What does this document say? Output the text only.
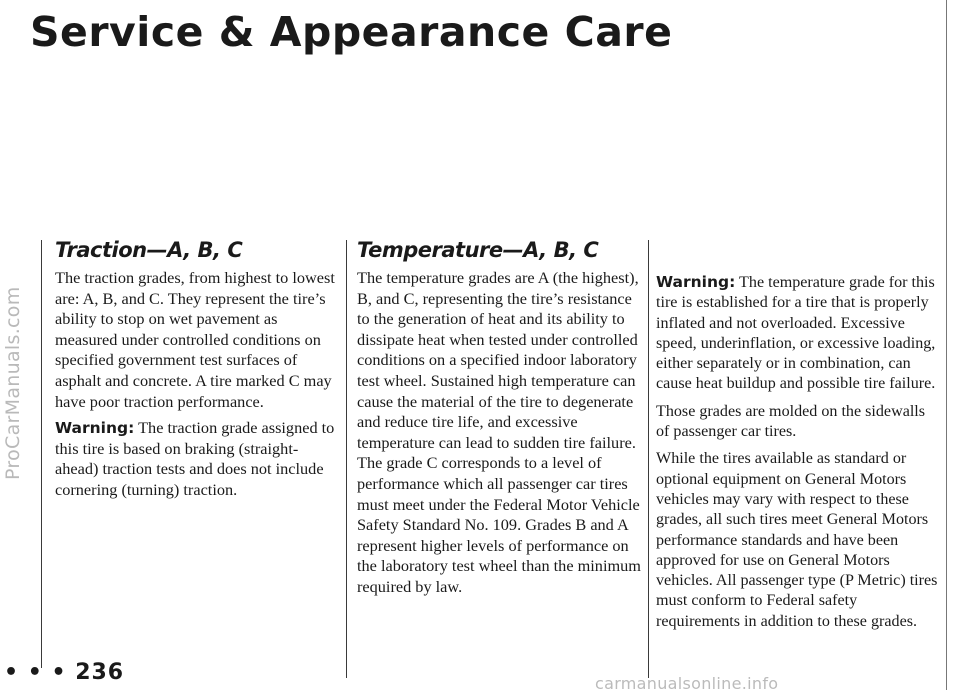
Service & Appearance Care
ProCarManuals.com
Traction—A, B, C

The traction grades, from highest to lowest are: A, B, and C. They represent the tire’s ability to stop on wet pavement as measured under controlled conditions on specified government test surfaces of asphalt and concrete. A tire marked C may have poor traction performance.

Warning: The traction grade assigned to this tire is based on braking (straight-ahead) traction tests and does not include cornering (turning) traction.

Temperature—A, B, C

The temperature grades are A (the highest), B, and C, representing the tire’s resistance to the generation of heat and its ability to dissipate heat when tested under controlled conditions on a specified indoor laboratory test wheel. Sustained high temperature can cause the material of the tire to degenerate and reduce tire life, and excessive temperature can lead to sudden tire failure. The grade C corresponds to a level of performance which all passenger car tires must meet under the Federal Motor Vehicle Safety Standard No. 109. Grades B and A represent higher levels of performance on the laboratory test wheel than the minimum required by law.

Warning: The temperature grade for this tire is established for a tire that is properly inflated and not overloaded. Excessive speed, underinflation, or excessive loading, either separately or in combination, can cause heat buildup and possible tire failure.

Those grades are molded on the sidewalls of passenger car tires.

While the tires available as standard or optional equipment on General Motors vehicles may vary with respect to these grades, all such tires meet General Motors performance standards and have been approved for use on General Motors vehicles. All passenger type (P Metric) tires must conform to Federal safety requirements in addition to these grades.

• • • 236	carmanualsonline.info
